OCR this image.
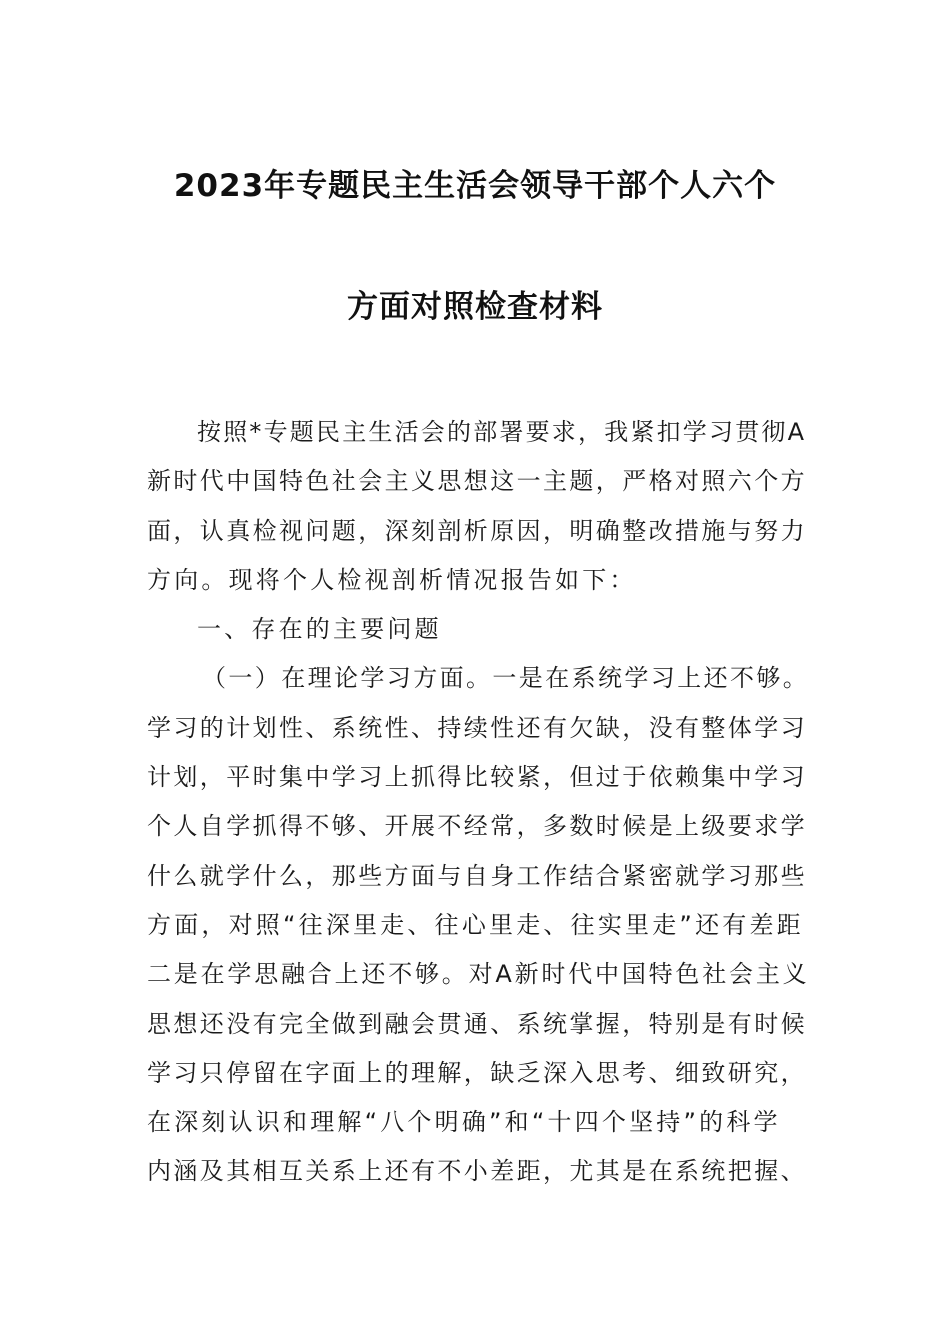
2023年专题民主生活会领导干部个人六个
方面对照检查材料
按照*专题民主生活会的部署要求，我紧扣学习贯彻A
新时代中国特色社会主义思想这一主题，严格对照六个方
面，认真检视问题，深刻剖析原因，明确整改措施与努力
方向。现将个人检视剖析情况报告如下：
一、存在的主要问题
（一）在理论学习方面。一是在系统学习上还不够。
学习的计划性、系统性、持续性还有欠缺，没有整体学习
计划，平时集中学习上抓得比较紧，但过于依赖集中学习
个人自学抓得不够、开展不经常，多数时候是上级要求学
什么就学什么，那些方面与自身工作结合紧密就学习那些
方面，对照“往深里走、往心里走、往实里走”还有差距
二是在学思融合上还不够。对A新时代中国特色社会主义
思想还没有完全做到融会贯通、系统掌握，特别是有时候
学习只停留在字面上的理解，缺乏深入思考、细致研究，
在深刻认识和理解“八个明确”和“十四个坚持”的科学
内涵及其相互关系上还有不小差距，尤其是在系统把握、
